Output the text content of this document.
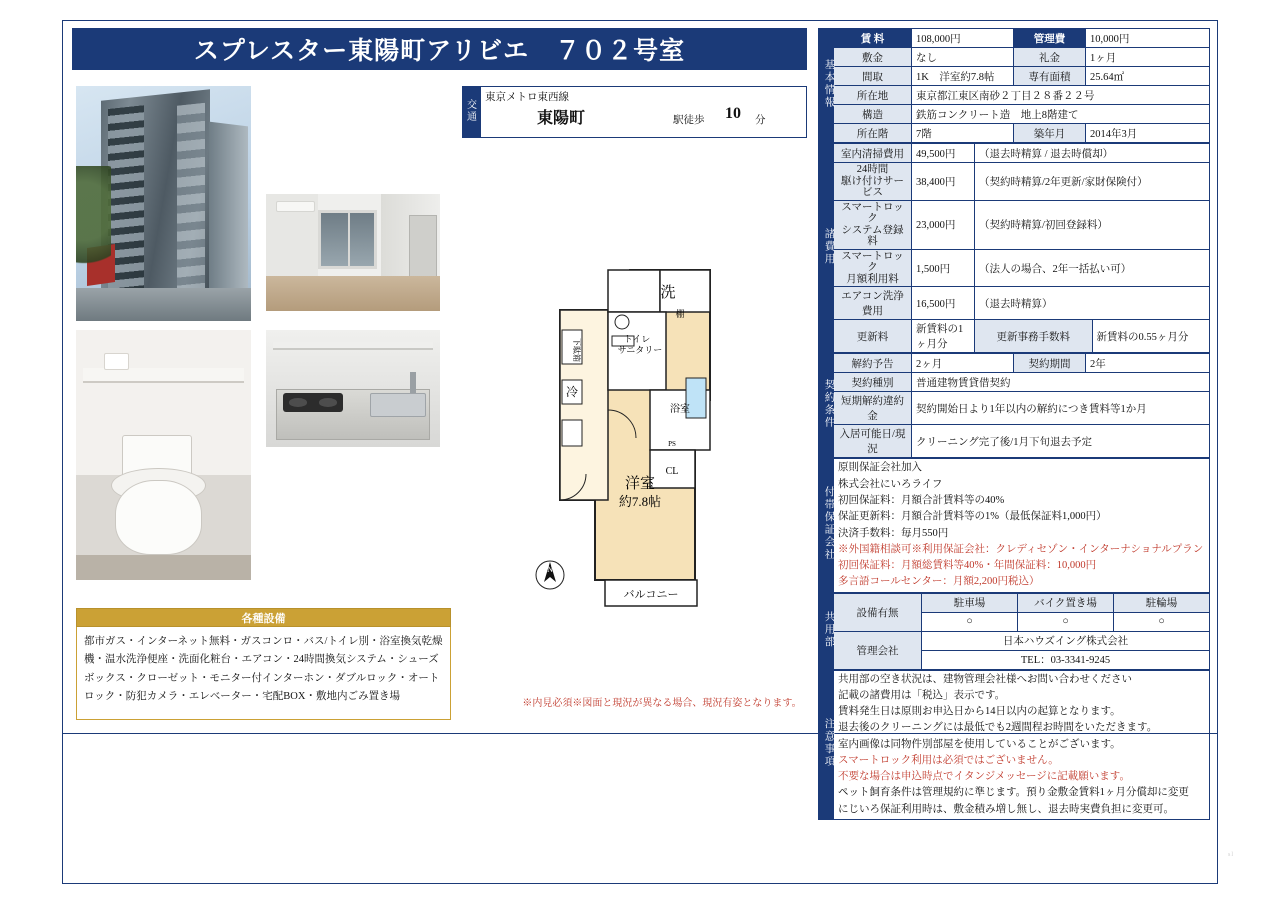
sl
スプレスター東陽町アリビエ　７０２号室
交
通
東京メトロ東西線
東陽町	駅徒歩 10 分
各種設備
都市ガス・インターネット無料・ガスコンロ・バス/トイレ別・浴室換気乾燥機・温水洗浄便座・洗面化粧台・エアコン・24時間換気システム・シューズボックス・クローゼット・モニター付インターホン・ダブルロック・オートロック・防犯カメラ・エレベーター・宅配BOX・敷地内ごみ置き場
※内見必須※図面と現況が異なる場合、現況有姿となります。
洗
棚
トイレ
サニタリー
下駄箱
冷
浴室
PS
CL
洋室
約7.8帖
バルコニー
N
基本情報	賃 料	108,000円	管理費	10,000円
	敷金	なし	礼金	1ヶ月
	間取	1K　洋室約7.8帖	専有面積	25.64㎡
	所在地	東京都江東区南砂２丁目２８番２２号		
	構造	鉄筋コンクリート造　地上8階建て		
	所在階	7階	築年月	2014年3月
諸費用	室内清掃費用	49,500円	（退去時精算 / 退去時償却）	

	24時間
駆け付けサービス	38,400円	（契約時精算/2年更新/家財保険付）	

	スマートロック
システム登録料	23,000円	（契約時精算/初回登録料）	

	スマートロック
月額利用料	1,500円	（法人の場合、2年一括払い可）	
	エアコン洗浄費用	16,500円	（退去時精算）	
	更新料	新賃料の1ヶ月分	更新事務手数料	新賃料の0.55ヶ月分
契約条件	解約予告	2ヶ月	契約期間	2年
	契約種別	普通建物賃貸借契約		
	短期解約違約金	契約開始日より1年以内の解約につき賃料等1か月		
	入居可能日/現況	クリーニング完了後/1月下旬退去予定		
付帯保証会社	
原則保証会社加入
株式会社にいろライフ
初回保証料：月額合計賃料等の40%
保証更新料：月額合計賃料等の1%（最低保証料1,000円）
決済手数料：毎月550円
※外国籍相談可※利用保証会社：クレディセゾン・インターナショナルプラン
初回保証料：月額総賃料等40%・年間保証料：10,000円
多言語コールセンター：月額2,200円税込）
共用部	設備有無	駐車場	バイク置き場	駐輪場
		○	○	○
	管理会社	日本ハウズイング株式会社		
		TEL：03-3341-9245		
注意事項	
共用部の空き状況は、建物管理会社様へお問い合わせください
記載の諸費用は「税込」表示です。
賃料発生日は原則お申込日から14日以内の起算となります。
退去後のクリーニングには最低でも2週間程お時間をいただきます。
室内画像は同物件別部屋を使用していることがございます。
スマートロック利用は必須ではございません。
不要な場合は申込時点でイタンジメッセージに記載願います。
ペット飼育条件は管理規約に準じます。預り金敷金賃料1ヶ月分償却に変更
にじいろ保証利用時は、敷金積み増し無し、退去時実費負担に変更可。
